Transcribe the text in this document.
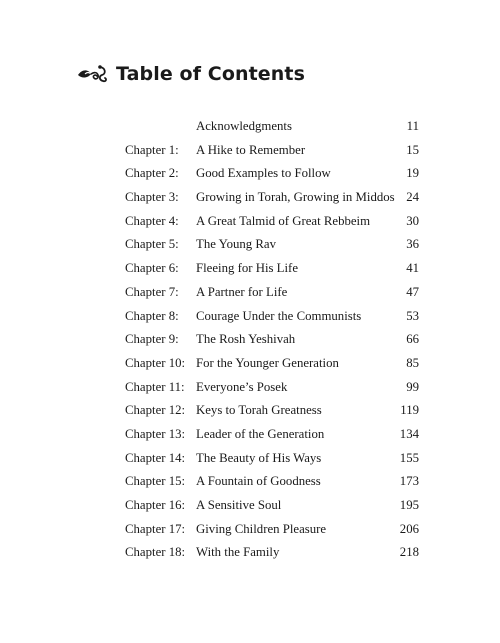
Table of Contents
Acknowledgments	11
Chapter 1: A Hike to Remember	15
Chapter 2: Good Examples to Follow	19
Chapter 3: Growing in Torah, Growing in Middos 24
Chapter 4: A Great Talmid of Great Rebbeim	30
Chapter 5: The Young Rav	36
Chapter 6: Fleeing for His Life	41
Chapter 7: A Partner for Life	47
Chapter 8: Courage Under the Communists	53
Chapter 9: The Rosh Yeshivah	66
Chapter 10: For the Younger Generation	85
Chapter 11: Everyone’s Posek	99
Chapter 12: Keys to Torah Greatness	119
Chapter 13: Leader of the Generation	134
Chapter 14: The Beauty of His Ways	155
Chapter 15: A Fountain of Goodness	173
Chapter 16: A Sensitive Soul	195
Chapter 17: Giving Children Pleasure	206
Chapter 18: With the Family	218
